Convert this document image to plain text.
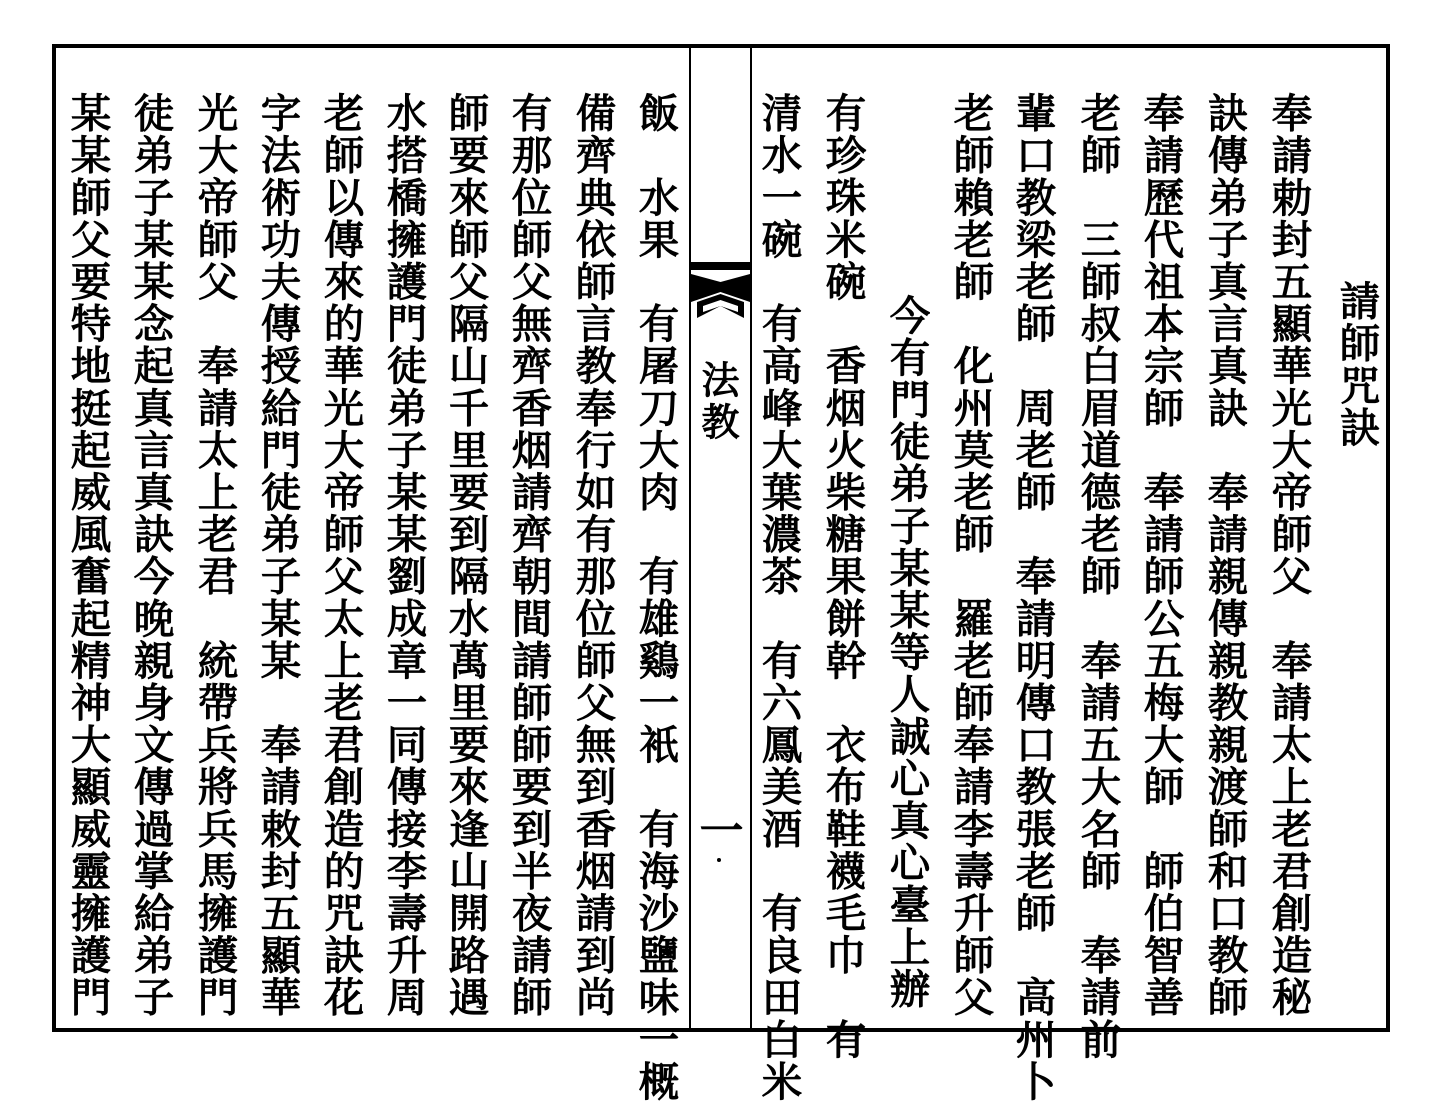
請師咒訣
奉請勅封五顯華光大帝師父　奉請太上老君創造秘
訣傳弟子真言真訣　奉請親傳親教親渡師和口教師
奉請歷代祖本宗師　奉請師公五梅大師　師伯智善
老師　三師叔白眉道德老師　奉請五大名師　奉請前
輩口教梁老師　周老師　奉請明傳口教張老師　高州卜
老師賴老師　化州莫老師　羅老師奉請李壽升師父
　　今有門徒弟子某某等人誠心真心臺上辦
有珍珠米碗　香烟火柴糖果餅幹　衣布鞋襪毛巾　有
清水一碗　有高峰大葉濃茶　有六鳳美酒　有良田白米
法教
一
飯　水果　有屠刀大肉　有雄鷄一衹　有海沙鹽味一概
備齊典依師言教奉行如有那位師父無到香烟請到尚
有那位師父無齊香烟請齊朝間請師師要到半夜請師
師要來師父隔山千里要到隔水萬里要來逢山開路遇
水搭橋擁護門徒弟子某某劉成章一同傳接李壽升周
老師以傳來的華光大帝師父太上老君創造的咒訣花
字法術功夫傳授給門徒弟子某某　奉請敕封五顯華
光大帝師父　奉請太上老君　統帶兵將兵馬擁護門
徒弟子某某念起真言真訣今晚親身文傳過掌給弟子
某某師父要特地挺起威風奮起精神大顯威靈擁護門
